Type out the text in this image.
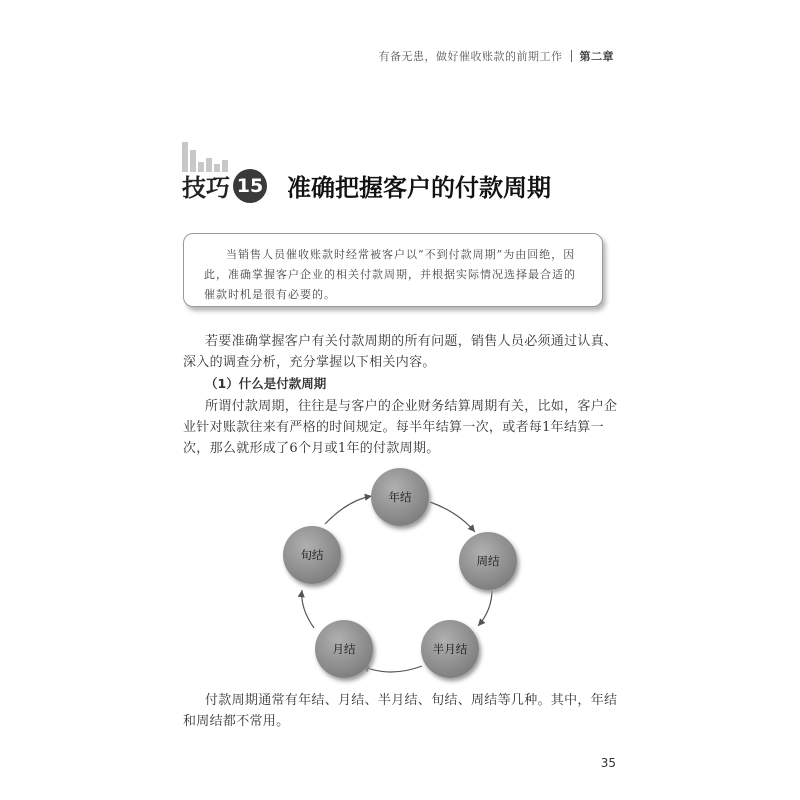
有备无患，做好催收账款的前期工作 第二章
技巧 15 准确把握客户的付款周期

当销售人员催收账款时经常被客户以“不到付款周期”为由回绝，因此，准确掌握客户企业的相关付款周期，并根据实际情况选择最合适的催款时机是很有必要的。

若要准确掌握客户有关付款周期的所有问题，销售人员必须通过认真、深入的调查分析，充分掌握以下相关内容。

（1）什么是付款周期

所谓付款周期，往往是与客户的企业财务结算周期有关，比如，客户企业针对账款往来有严格的时间规定。每半年结算一次，或者每1年结算一次，那么就形成了6个月或1年的付款周期。

年结
周结
半月结
月结
旬结

付款周期通常有年结、月结、半月结、旬结、周结等几种。其中，年结和周结都不常用。

35
